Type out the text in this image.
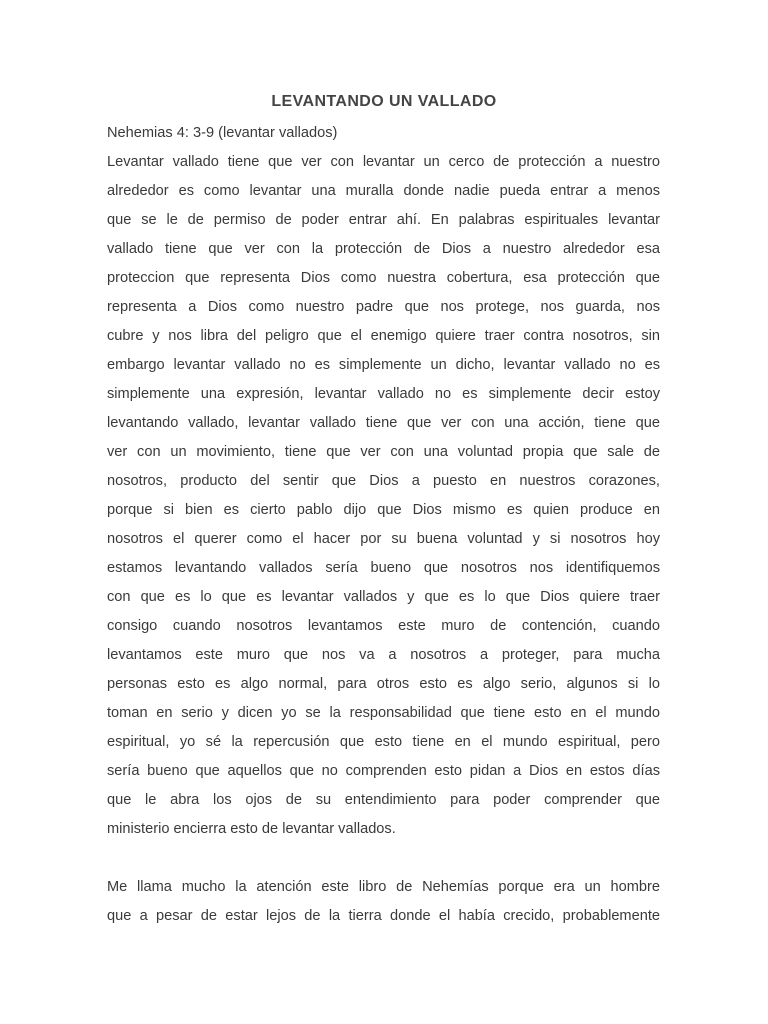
LEVANTANDO UN VALLADO
Nehemias 4: 3-9 (levantar vallados)
Levantar vallado tiene que ver con levantar un cerco de protección a nuestro
alrededor es como levantar una muralla donde nadie pueda entrar a menos
que se le de permiso de poder entrar ahí. En palabras espirituales levantar
vallado tiene que ver con la protección de Dios a nuestro alrededor esa
proteccion que representa Dios como nuestra cobertura, esa protección que
representa a Dios como nuestro padre que nos protege, nos guarda, nos
cubre y nos libra del peligro que el enemigo quiere traer contra nosotros, sin
embargo levantar vallado no es simplemente un dicho, levantar vallado no es
simplemente una expresión, levantar vallado no es simplemente decir estoy
levantando vallado, levantar vallado tiene que ver con una acción, tiene que
ver con un movimiento, tiene que ver con una voluntad propia que sale de
nosotros, producto del sentir que Dios a puesto en nuestros corazones,
porque si bien es cierto pablo dijo que Dios mismo es quien produce en
nosotros el querer como el hacer por su buena voluntad y si nosotros hoy
estamos levantando vallados sería bueno que nosotros nos identifiquemos
con que es lo que es levantar vallados y que es lo que Dios quiere traer
consigo cuando nosotros levantamos este muro de contención, cuando
levantamos este muro que nos va a nosotros a proteger, para mucha
personas esto es algo normal, para otros esto es algo serio, algunos si lo
toman en serio y dicen yo se la responsabilidad que tiene esto en el mundo
espiritual, yo sé la repercusión que esto tiene en el mundo espiritual, pero
sería bueno que aquellos que no comprenden esto pidan a Dios en estos días
que le abra los ojos de su entendimiento para poder comprender que
ministerio encierra esto de levantar vallados.
Me llama mucho la atención este libro de Nehemías porque era un hombre
que a pesar de estar lejos de la tierra donde el había crecido, probablemente
